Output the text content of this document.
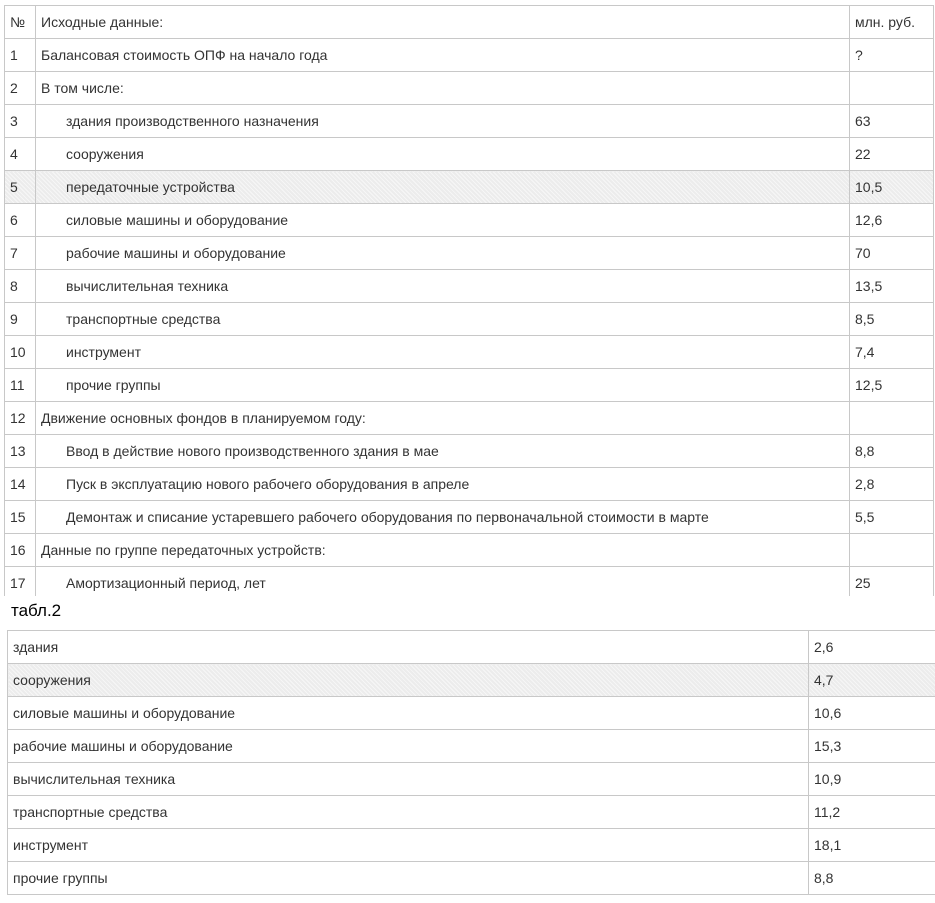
№	Исходные данные:	млн. руб.
1	Балансовая стоимость ОПФ на начало года	?
2	В том числе:	
3	здания производственного назначения	63
4	сооружения	22
5	передаточные устройства	10,5
6	силовые машины и оборудование	12,6
7	рабочие машины и оборудование	70
8	вычислительная техника	13,5
9	транспортные средства	8,5
10	инструмент	7,4
11	прочие группы	12,5
12	Движение основных фондов в планируемом году:	
13	Ввод в действие нового производственного здания в мае	8,8
14	Пуск в эксплуатацию нового рабочего оборудования в апреле	2,8
15	Демонтаж и списание устаревшего рабочего оборудования по первоначальной стоимости в марте	5,5
16	Данные по группе передаточных устройств:	
17	Амортизационный период, лет	25
табл.2
здания	2,6
сооружения	4,7
силовые машины и оборудование	10,6
рабочие машины и оборудование	15,3
вычислительная техника	10,9
транспортные средства	11,2
инструмент	18,1
прочие группы	8,8
